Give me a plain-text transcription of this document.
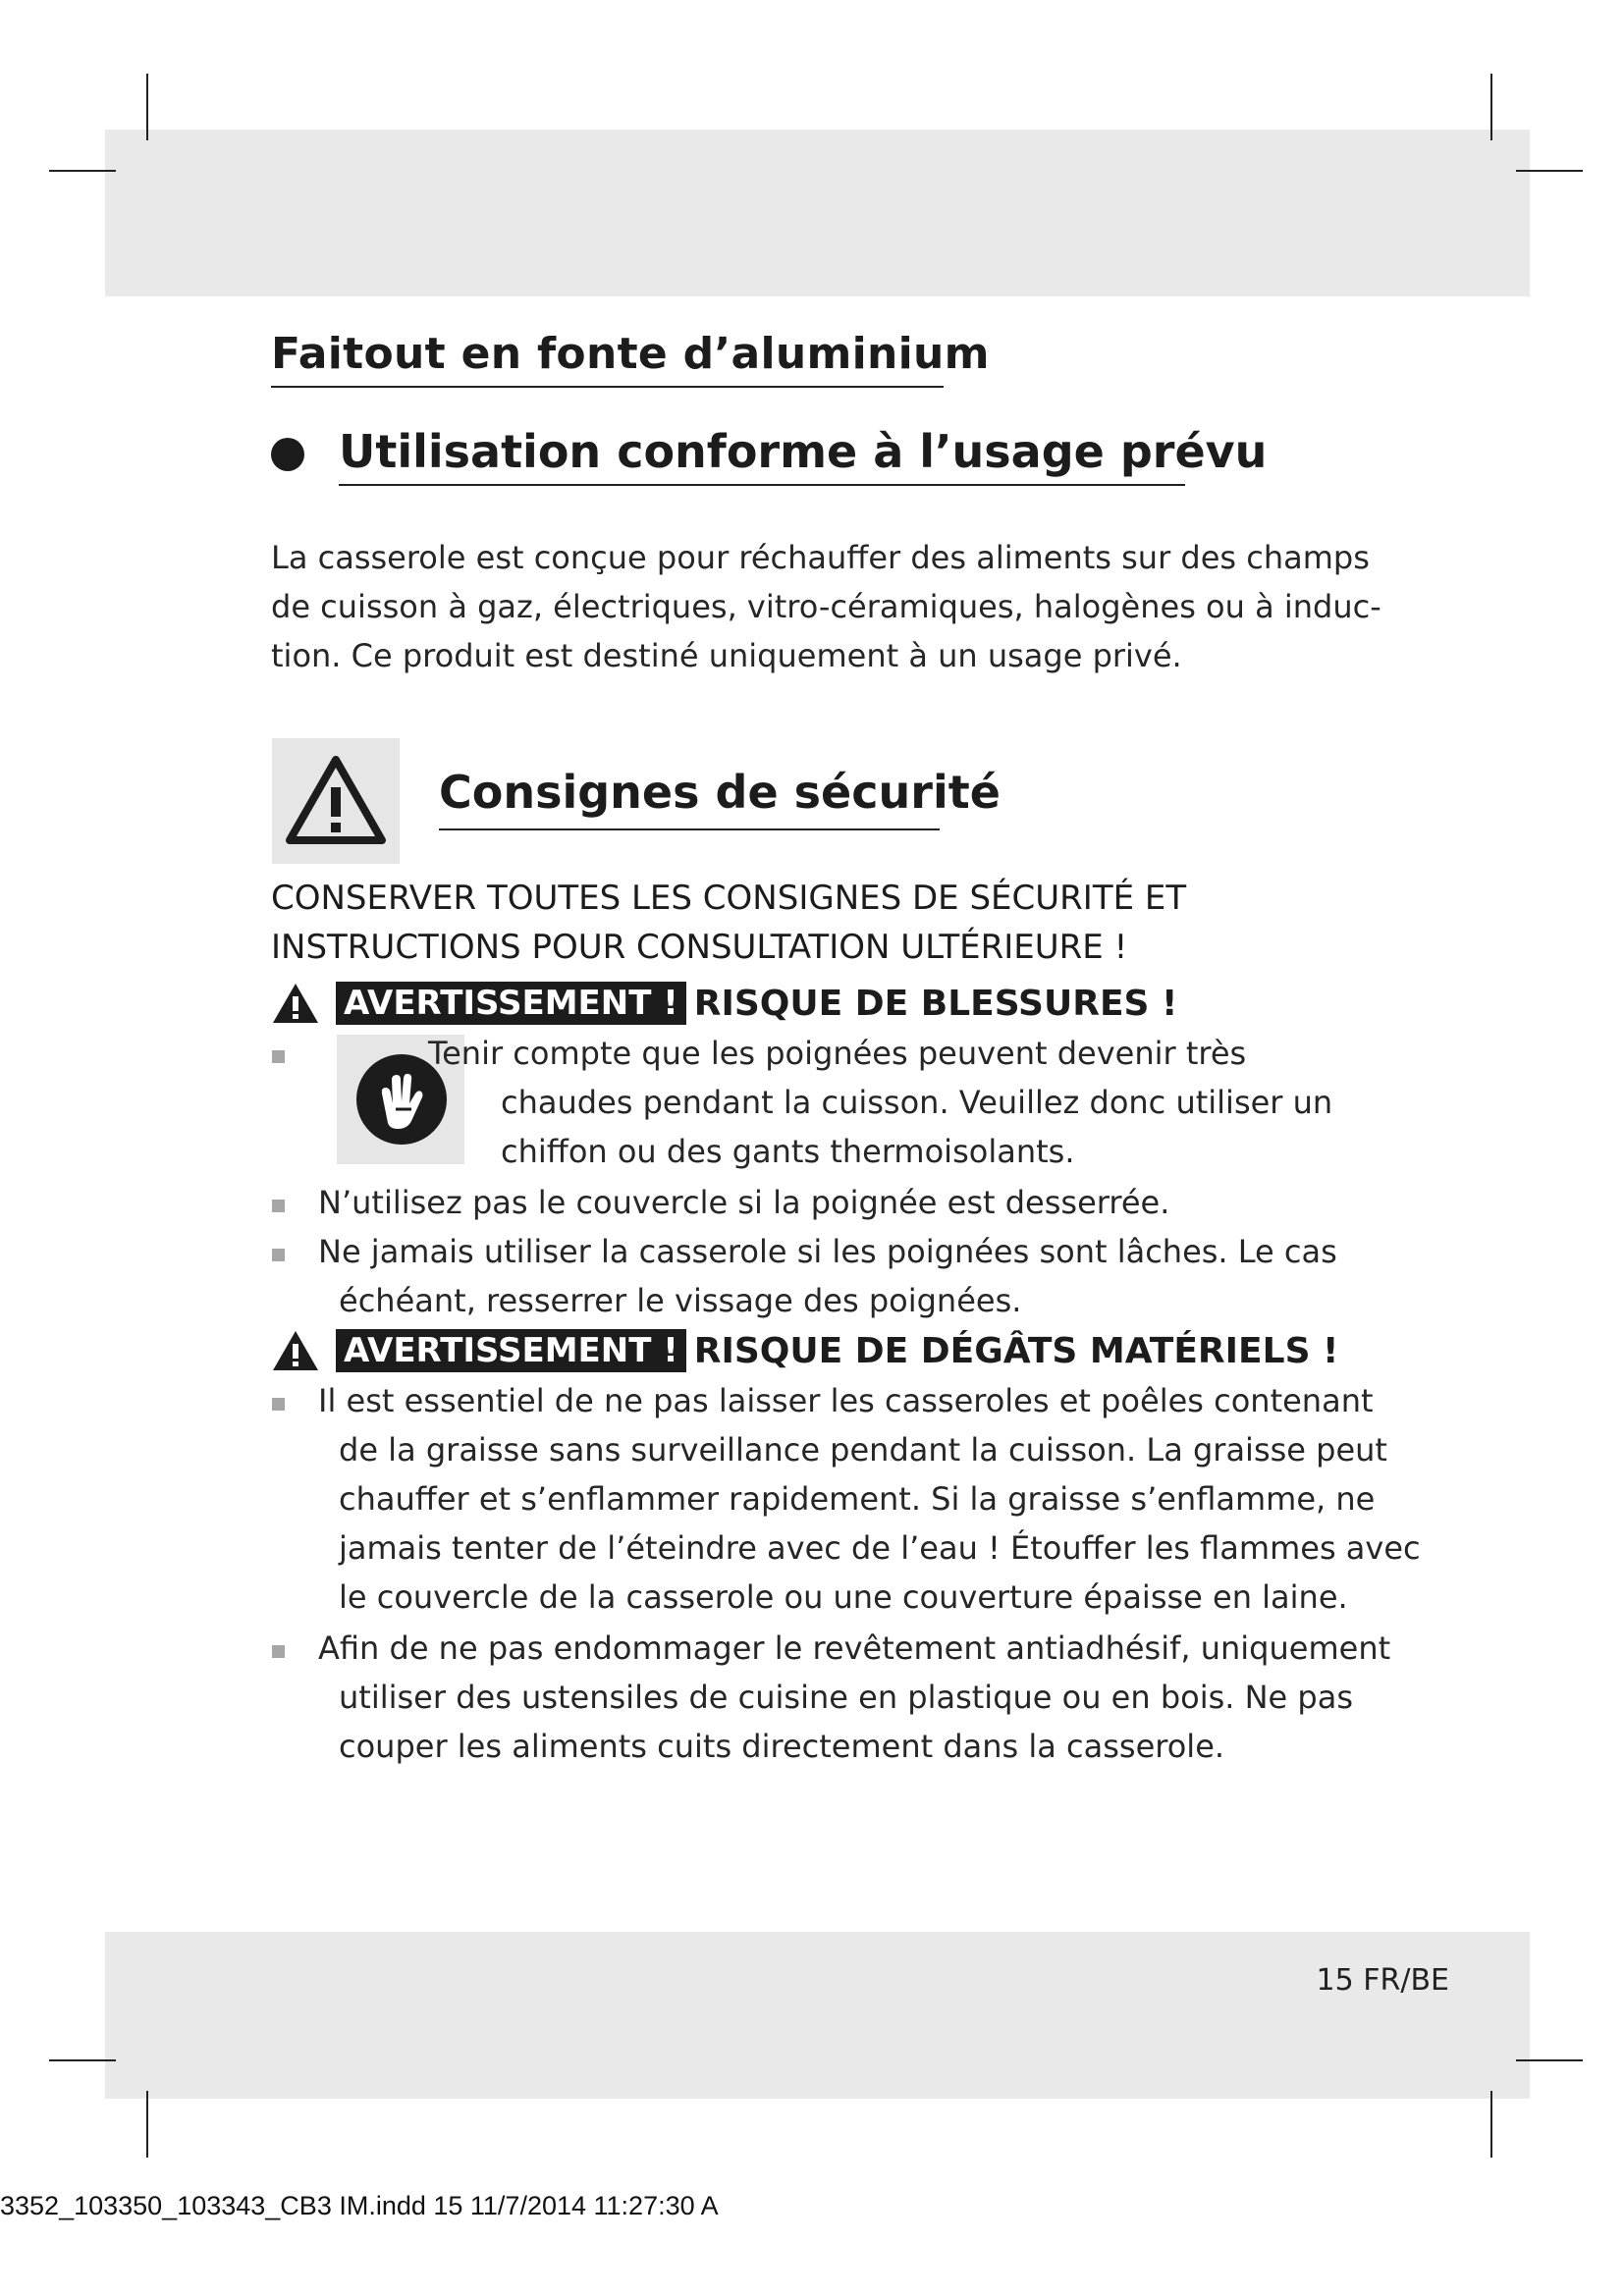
Faitout en fonte d’aluminium
Utilisation conforme à l’usage prévu

La casserole est conçue pour réchauffer des aliments sur des champs
de cuisson à gaz, électriques, vitro-céramiques, halogènes ou à induc-
tion. Ce produit est destiné uniquement à un usage privé.

Consignes de sécurité

CONSERVER TOUTES LES CONSIGNES DE SÉCURITÉ ET
INSTRUCTIONS POUR CONSULTATION ULTÉRIEURE !

AVERTISSEMENT ! RISQUE DE BLESSURES !
Tenir compte que les poignées peuvent devenir très
chaudes pendant la cuisson. Veuillez donc utiliser un
chiffon ou des gants thermoisolants.
N’utilisez pas le couvercle si la poignée est desserrée.
Ne jamais utiliser la casserole si les poignées sont lâches. Le cas
échéant, resserrer le vissage des poignées.
AVERTISSEMENT ! RISQUE DE DÉGÂTS MATÉRIELS !
Il est essentiel de ne pas laisser les casseroles et poêles contenant
de la graisse sans surveillance pendant la cuisson. La graisse peut
chauffer et s’enflammer rapidement. Si la graisse s’enflamme, ne
jamais tenter de l’éteindre avec de l’eau ! Étouffer les flammes avec
le couvercle de la casserole ou une couverture épaisse en laine.
Afin de ne pas endommager le revêtement antiadhésif, uniquement
utiliser des ustensiles de cuisine en plastique ou en bois. Ne pas
couper les aliments cuits directement dans la casserole.

15 FR/BE

3352_103350_103343_CB3 IM.indd 15 11/7/2014 11:27:30 A
